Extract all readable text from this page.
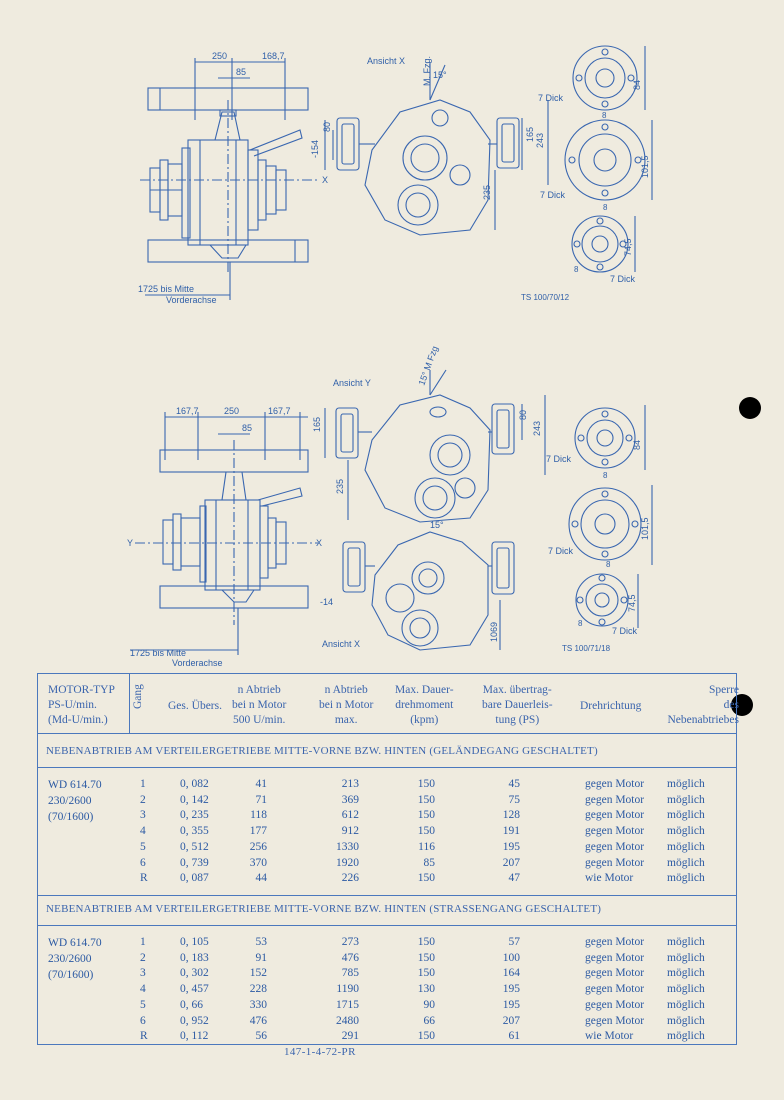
Ansicht X M. Fzg. 15°
250	168,7
85
-154
80	165 243
235
X
1725 bis Mitte
Vorderachse	TS 100/70/12
7 Dick
84
8
7 Dick
101,5
8
7 Dick
74,5
8
Ansicht Y
Ansicht X
15° M Fzg
15°
167,7	250	167,7
85	165
80
243
235
-14
1069
Y	X
1725 bis Mitte
Vorderachse
TS 100/71/18
7 Dick
84
8
7 Dick
101,5
8
7 Dick
74,5
8
MOTOR-TYP
PS-U/min.
(Md-U/min.)
Gang Ges. Übers.
n Abtrieb
bei n Motor
500 U/min.
n Abtrieb
bei n Motor
max.
Max. Dauer-
drehmoment
(kpm)
Max. übertrag-
bare Dauerleis-
tung (PS)
Drehrichtung
Sperre
des
Nebenabtriebes
NEBENABTRIEB AM VERTEILERGETRIEBE MITTE-VORNE BZW. HINTEN (GELÄNDEGANG GESCHALTET)
WD 614.70
230/2600
(70/1600)
1	0, 082	41	213	150	45	gegen Motor möglich
2	0, 142	71	369	150	75	gegen Motor möglich
3	0, 235	118	612	150	128	gegen Motor möglich
4	0, 355	177	912	150	191	gegen Motor möglich
5	0, 512	256	1330	116	195	gegen Motor möglich
6	0, 739	370	1920	85	207	gegen Motor möglich
R	0, 087	44	226	150	47	wie Motor	möglich
NEBENABTRIEB AM VERTEILERGETRIEBE MITTE-VORNE BZW. HINTEN (STRASSENGANG GESCHALTET)
WD 614.70
230/2600
(70/1600)
1	0, 105	53	273	150	57	gegen Motor möglich
2	0, 183	91	476	150	100	gegen Motor möglich
3	0, 302	152	785	150	164	gegen Motor möglich
4	0, 457	228	1190	130	195	gegen Motor möglich
5	0, 66	330	1715	90	195	gegen Motor möglich
6	0, 952	476	2480	66	207	gegen Motor möglich
R	0, 112	56	291	150	61	wie Motor	möglich
147-1-4-72-PR
